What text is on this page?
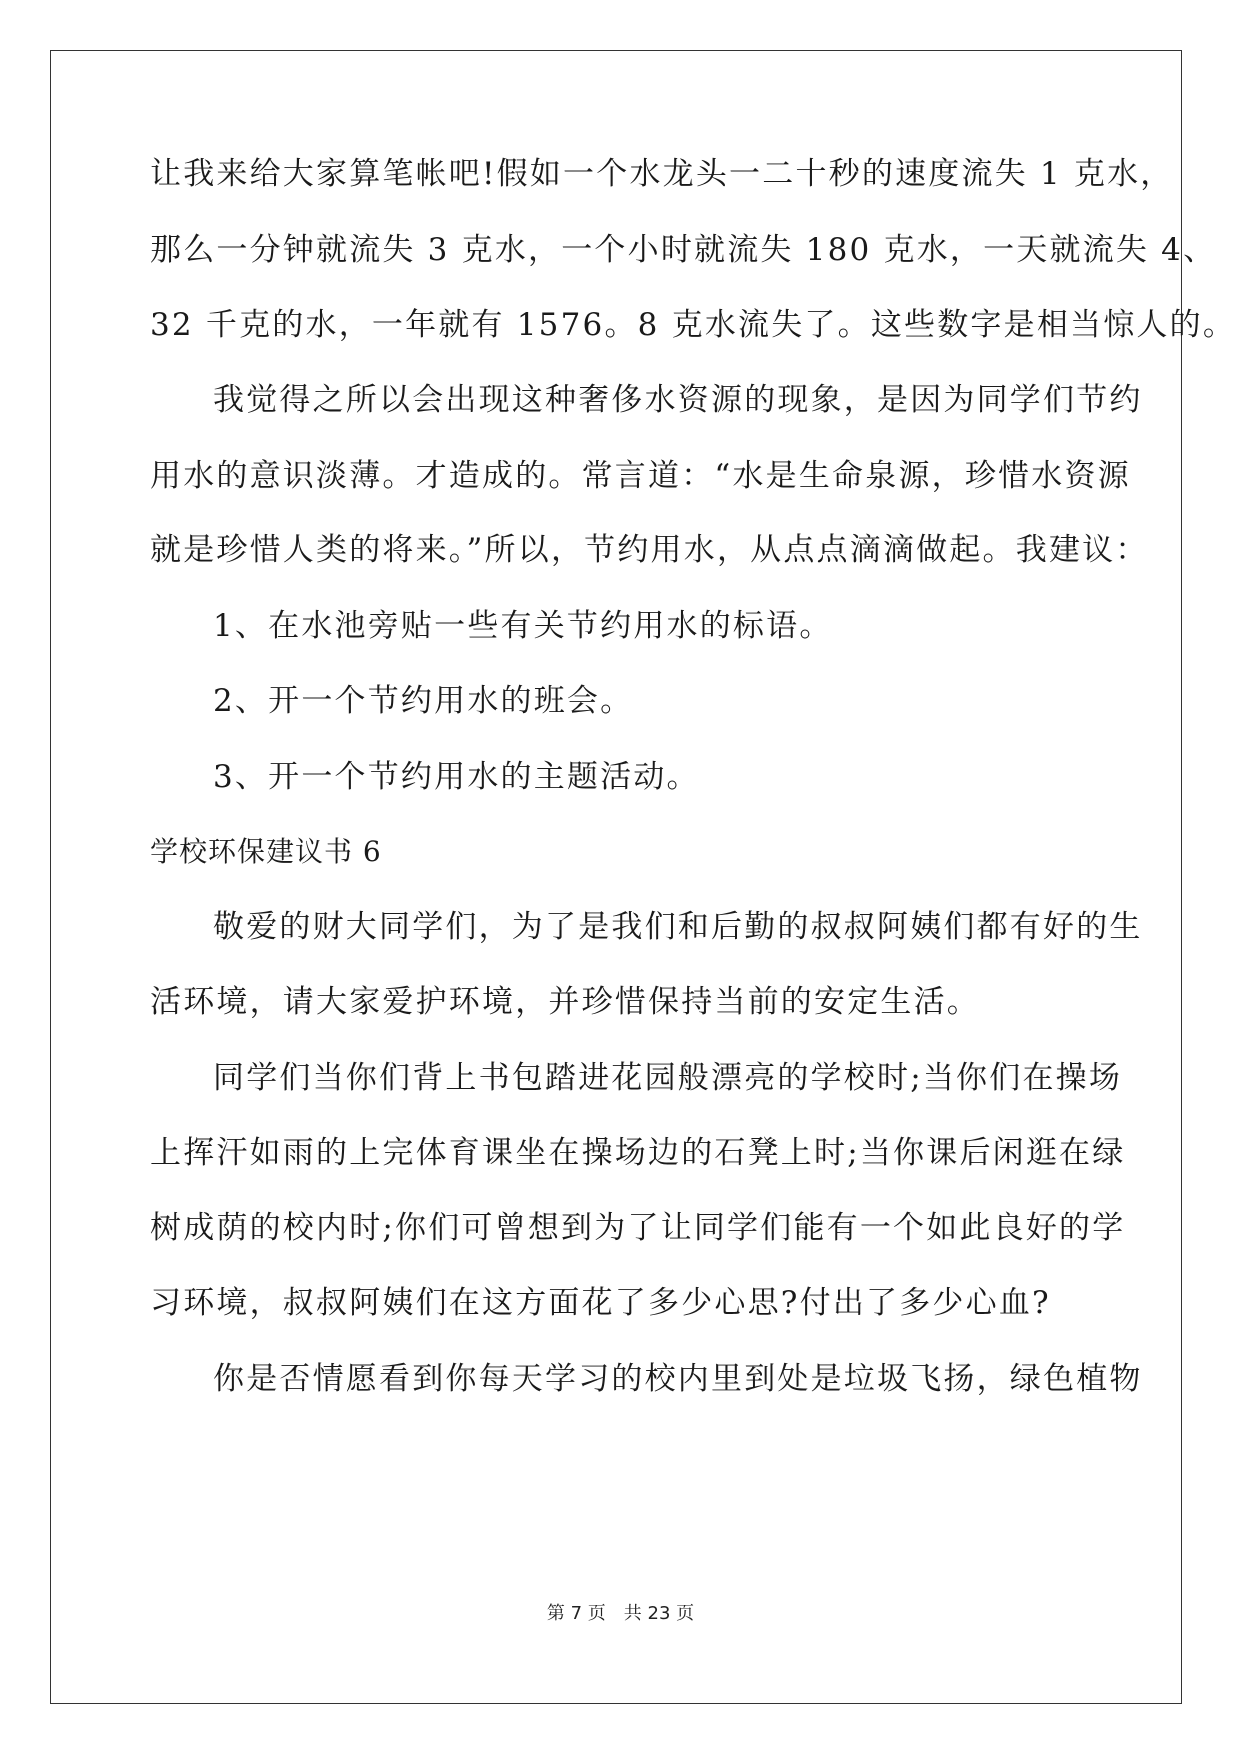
让我来给大家算笔帐吧!假如一个水龙头一二十秒的速度流失 1 克水，
那么一分钟就流失 3 克水，一个小时就流失 180 克水，一天就流失 4、
32 千克的水，一年就有 1576。8 克水流失了。这些数字是相当惊人的。
我觉得之所以会出现这种奢侈水资源的现象，是因为同学们节约
用水的意识淡薄。才造成的。常言道：“水是生命泉源，珍惜水资源
就是珍惜人类的将来。”所以，节约用水，从点点滴滴做起。我建议：
1、在水池旁贴一些有关节约用水的标语。
2、开一个节约用水的班会。
3、开一个节约用水的主题活动。
学校环保建议书 6
敬爱的财大同学们，为了是我们和后勤的叔叔阿姨们都有好的生
活环境，请大家爱护环境，并珍惜保持当前的安定生活。
同学们当你们背上书包踏进花园般漂亮的学校时;当你们在操场
上挥汗如雨的上完体育课坐在操场边的石凳上时;当你课后闲逛在绿
树成荫的校内时;你们可曾想到为了让同学们能有一个如此良好的学
习环境，叔叔阿姨们在这方面花了多少心思?付出了多少心血?
你是否情愿看到你每天学习的校内里到处是垃圾飞扬，绿色植物
第 7 页　共 23 页
